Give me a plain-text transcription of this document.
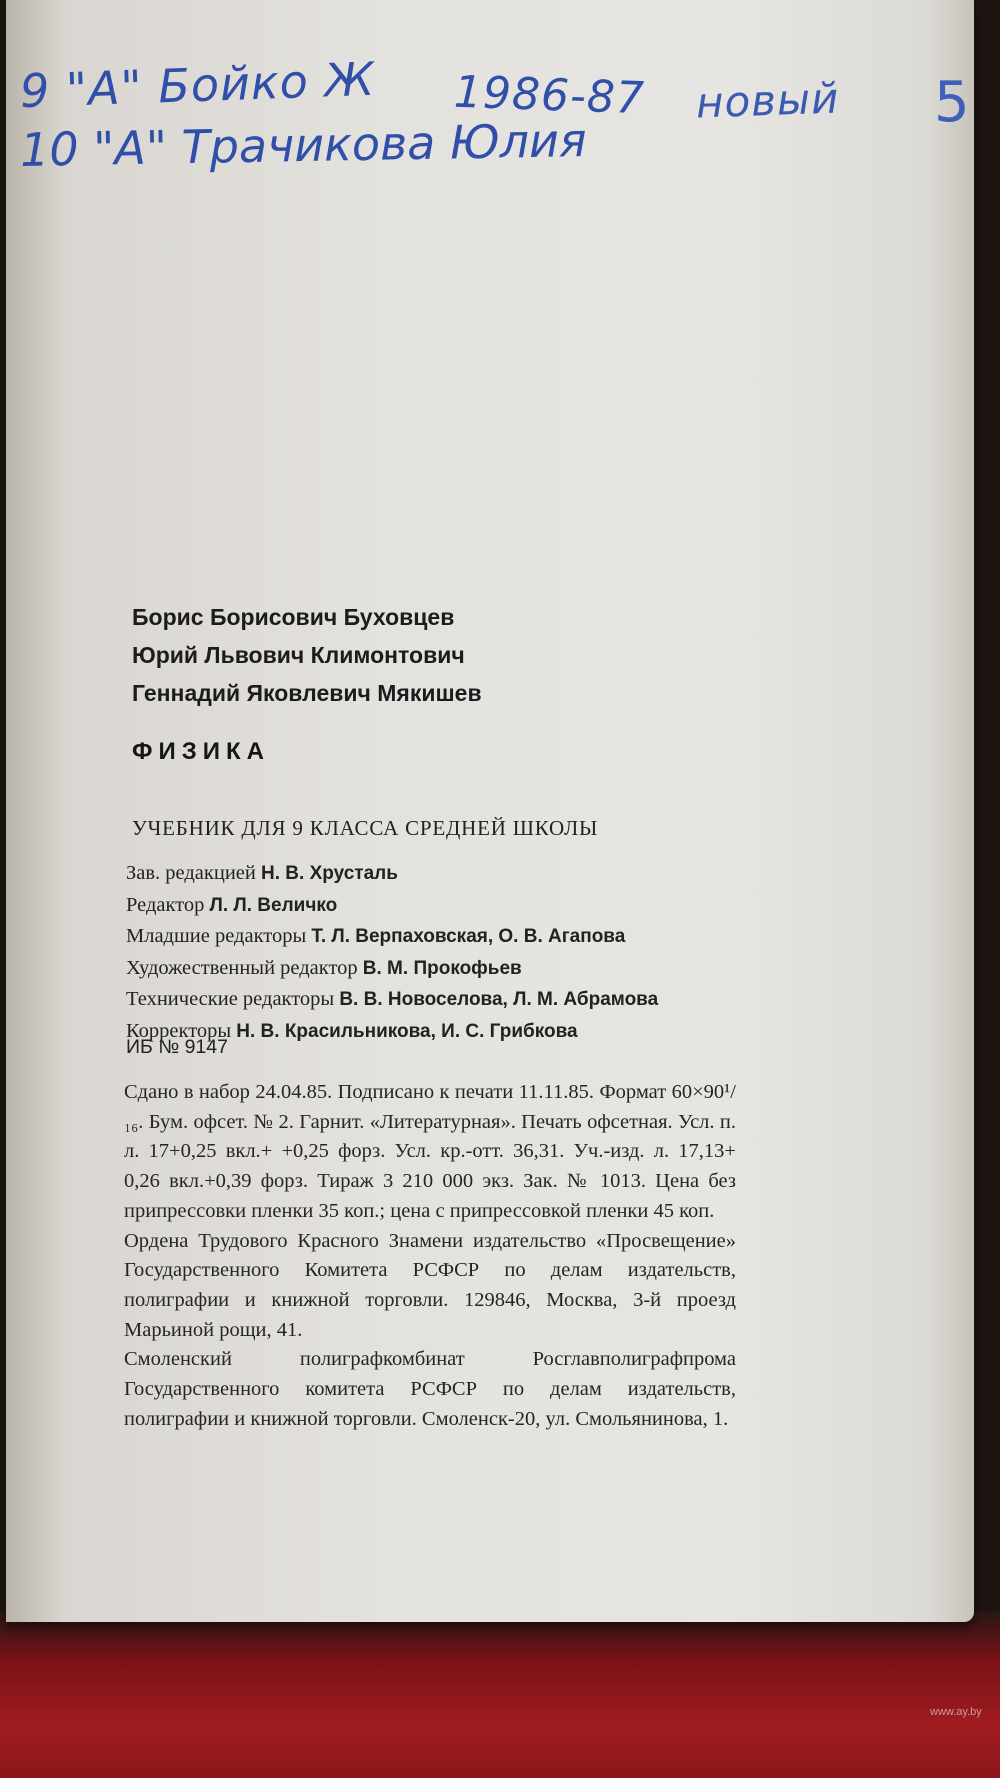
9 "А" Бойко Ж 1986-87 новый 5
10 "А" Трачикова Юлия
Борис Борисович Буховцев
Юрий Львович Климонтович
Геннадий Яковлевич Мякишев
ФИЗИКА
УЧЕБНИК ДЛЯ 9 КЛАССА СРЕДНЕЙ ШКОЛЫ
Зав. редакцией Н. В. Хрусталь
Редактор Л. Л. Величко
Младшие редакторы Т. Л. Верпаховская, О. В. Агапова
Художественный редактор В. М. Прокофьев
Технические редакторы В. В. Новоселова, Л. М. Абрамова
Корректоры Н. В. Красильникова, И. С. Грибкова
ИБ № 9147

Сдано в набор 24.04.85. Подписано к печати 11.11.85. Формат 60×90¹/₁₆. Бум. офсет. № 2. Гарнит. «Литературная». Печать офсетная. Усл. п. л. 17+0,25 вкл.+ +0,25 форз. Усл. кр.-отт. 36,31. Уч.-изд. л. 17,13+ 0,26 вкл.+0,39 форз. Тираж 3 210 000 экз. Зак. № 1013. Цена без припрессовки пленки 35 коп.; цена с припрессовкой пленки 45 коп.

Ордена Трудового Красного Знамени издательство «Просвещение» Государственного Комитета РСФСР по делам издательств, полиграфии и книжной торговли. 129846, Москва, 3-й проезд Марьиной рощи, 41.

Смоленский полиграфкомбинат Росглавполиграфпрома Государственного комитета РСФСР по делам издательств, полиграфии и книжной торговли. Смоленск-20, ул. Смольянинова, 1.

www.ay.by
